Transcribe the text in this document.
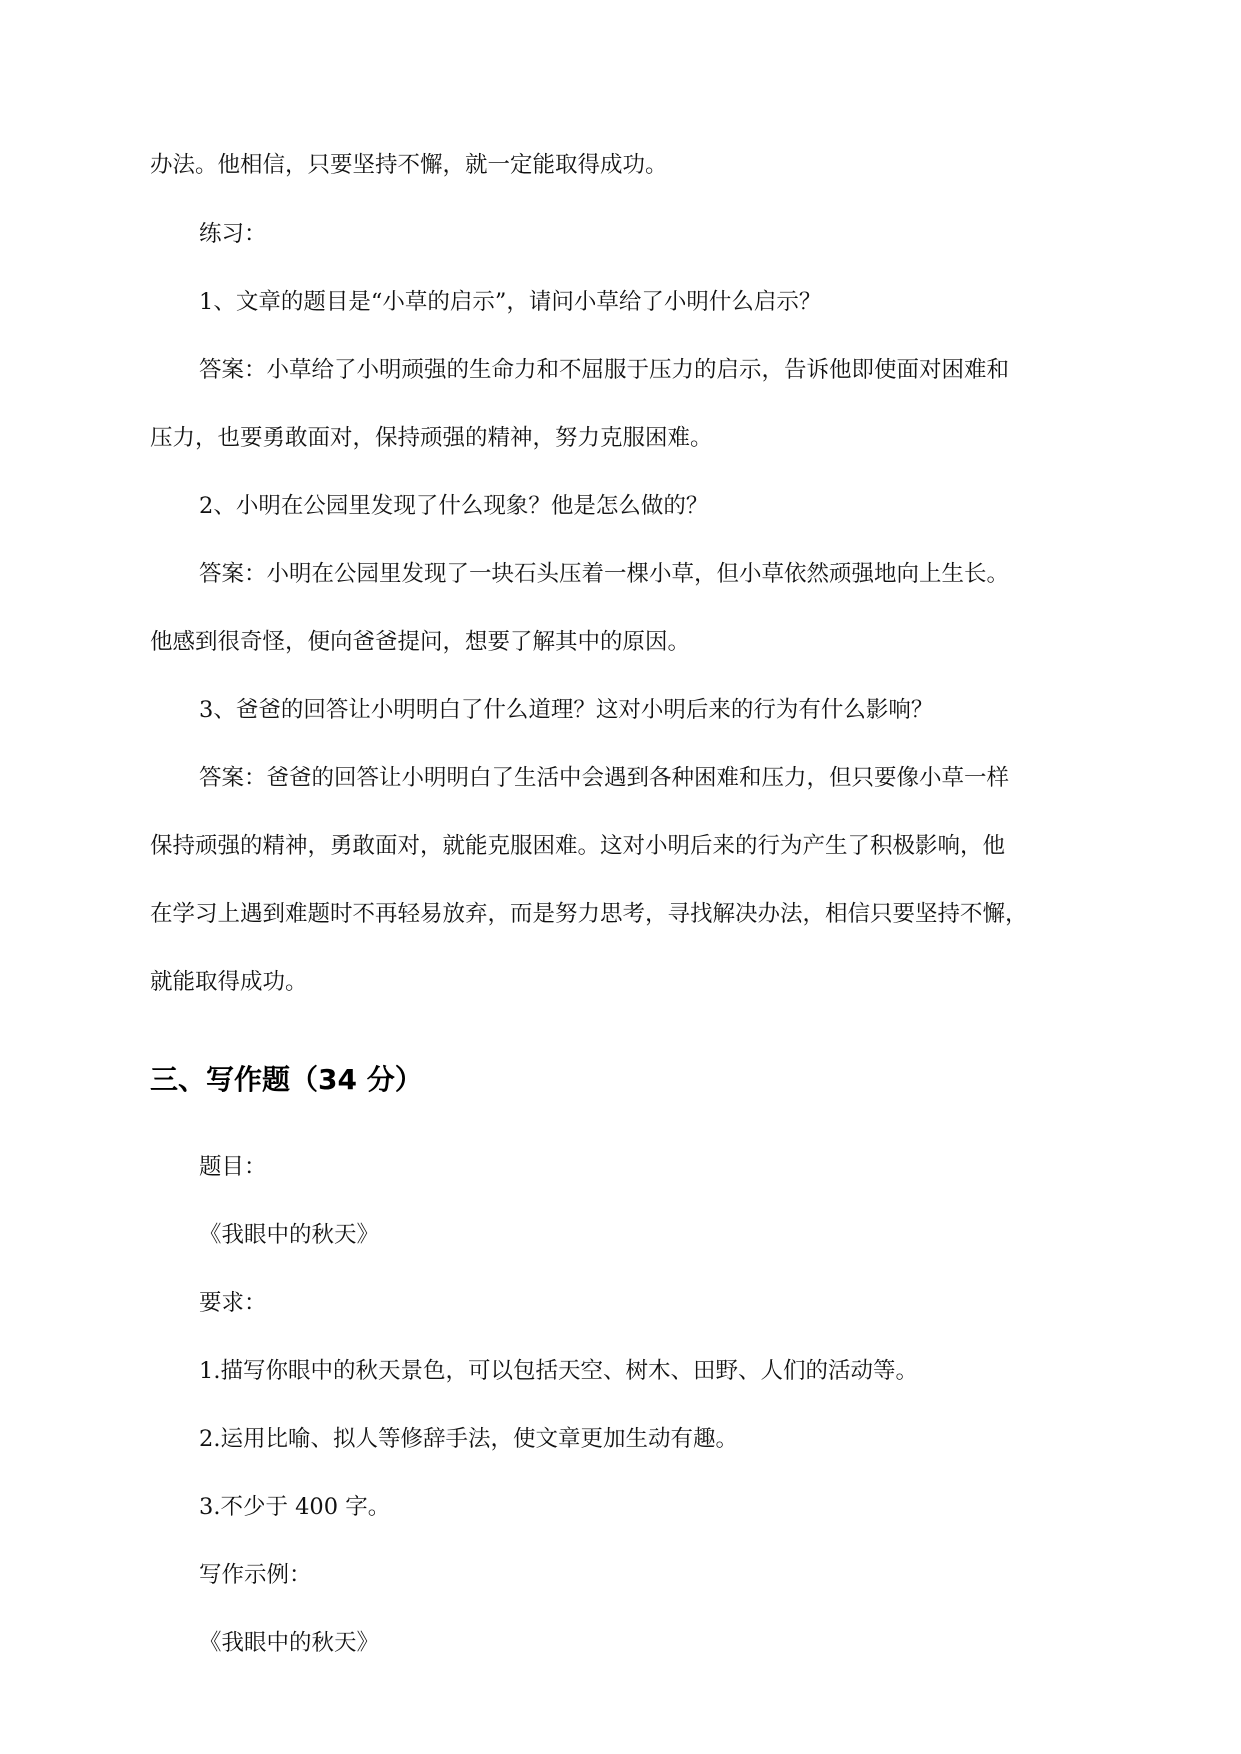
办法。他相信，只要坚持不懈，就一定能取得成功。
练习：
1、文章的题目是“小草的启示”，请问小草给了小明什么启示？
答案：小草给了小明顽强的生命力和不屈服于压力的启示，告诉他即使面对困难和
压力，也要勇敢面对，保持顽强的精神，努力克服困难。
2、小明在公园里发现了什么现象？他是怎么做的？
答案：小明在公园里发现了一块石头压着一棵小草，但小草依然顽强地向上生长。
他感到很奇怪，便向爸爸提问，想要了解其中的原因。
3、爸爸的回答让小明明白了什么道理？这对小明后来的行为有什么影响？
答案：爸爸的回答让小明明白了生活中会遇到各种困难和压力，但只要像小草一样
保持顽强的精神，勇敢面对，就能克服困难。这对小明后来的行为产生了积极影响，他
在学习上遇到难题时不再轻易放弃，而是努力思考，寻找解决办法，相信只要坚持不懈，
就能取得成功。
三、写作题（34 分）
题目：
《我眼中的秋天》
要求：
1.描写你眼中的秋天景色，可以包括天空、树木、田野、人们的活动等。
2.运用比喻、拟人等修辞手法，使文章更加生动有趣。
3.不少于 400 字。
写作示例：
《我眼中的秋天》
